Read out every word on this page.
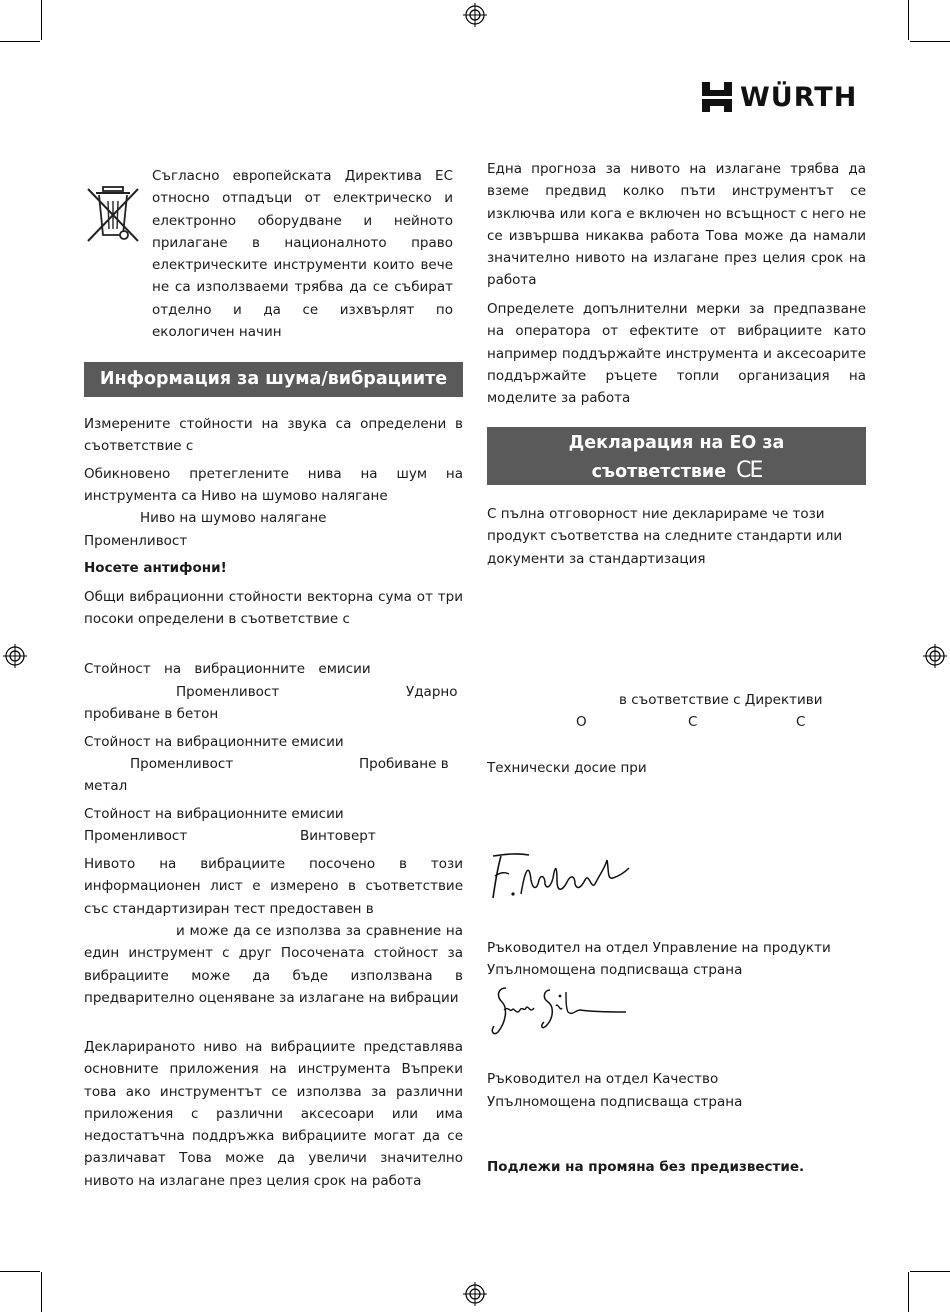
WÜRTH
Съгласно европейската Директива ЕС относно отпадъци от електрическо и електронно оборудване и нейното прилагане в националното право електрическите инструменти които вече не са използваеми трябва да се събират отделно и да се изхвърлят по екологичен начин
Информация за шума/вибрациите
Измерените стойности на звука са определени в съответствие с
Обикновено претеглените нива на шум на инструмента са Ниво на шумово налягане
Ниво на шумово налягане
Променливост
Носете антифони!
Общи вибрационни стойности векторна сума от три посоки определени в съответствие с
Стойност на вибрационните емисии
Променливост	Ударно
пробиване в бетон
Стойност на вибрационните емисии
Променливост	Пробиване в
метал
Стойност на вибрационните емисии
Променливост	Винтоверт
Нивото на вибрациите посочено в този информационен лист е измерено в съответствие със стандартизиран тест предоставен в
и може да се използва за сравнение на един инструмент с друг Посочената стойност за вибрациите може да бъде използвана в предварително оценяване за излагане на вибрации
Декларираното ниво на вибрациите представлява основните приложения на инструмента Въпреки това ако инструментът се използва за различни приложения с различни аксесоари или има недостатъчна поддръжка вибрациите могат да се различават Това може да увеличи значително нивото на излагане през целия срок на работа
Една прогноза за нивото на излагане трябва да вземе предвид колко пъти инструментът се изключва или кога е включен но всъщност с него не се извършва никаква работа Това може да намали значително нивото на излагане през целия срок на работа
Определете допълнителни мерки за предпазване на оператора от ефектите от вибрациите като например поддържайте инструмента и аксесоарите поддържайте ръцете топли организация на моделите за работа
Декларация на ЕО за
съответствие CE
С пълна отговорност ние декларираме че този продукт съответства на следните стандарти или документи за стандартизация
в съответствие с Директиви
О	С	С
Технически досие при
Ръководител на отдел Управление на продукти
Упълномощена подписваща страна
Ръководител на отдел Качество
Упълномощена подписваща страна
Подлежи на промяна без предизвестие.
